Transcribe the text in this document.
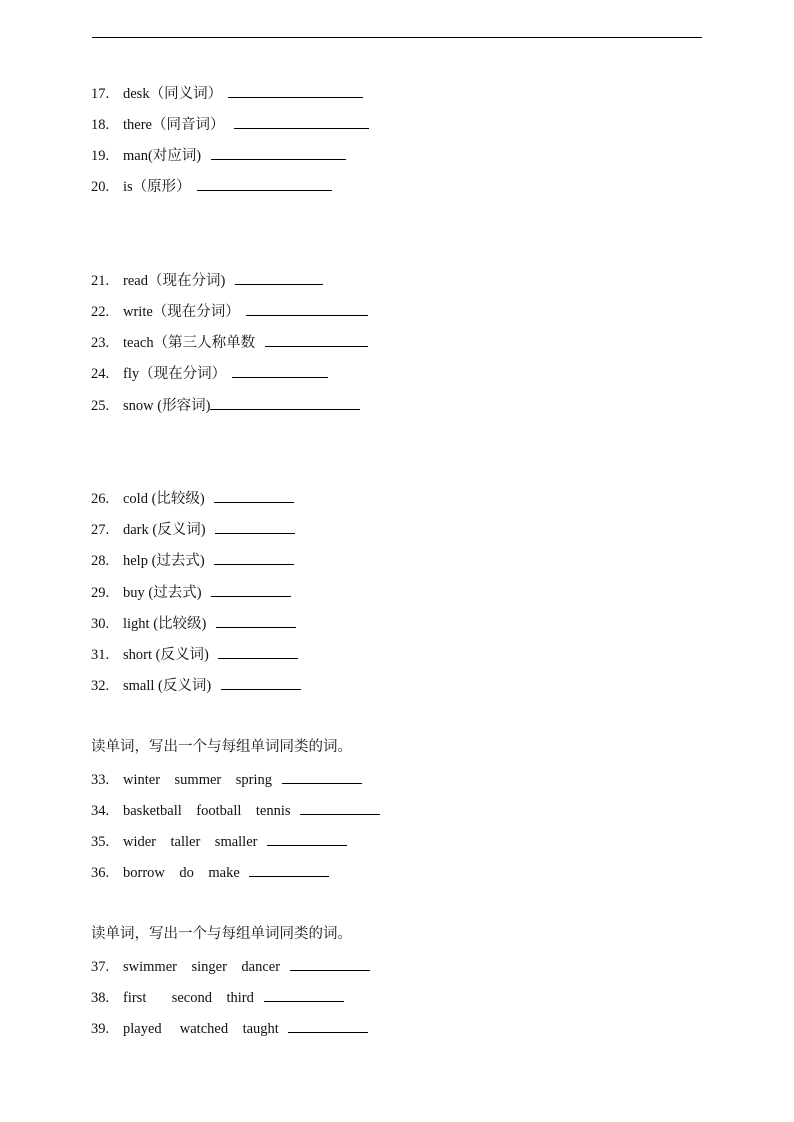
17. desk（同义词）
18. there（同音词）
19. man(对应词)
20. is（原形）
21. read（现在分词)
22. write（现在分词）
23. teach（第三人称单数
24. fly（现在分词）
25. snow (形容词)
26. cold (比较级)
27. dark (反义词)
28. help (过去式)
29. buy (过去式)
30. light (比较级)
31. short (反义词)
32. small (反义词)
读单词，写出一个与每组单词同类的词。
33. winter    summer    spring
34. basketball    football    tennis
35. wider    taller    smaller
36. borrow    do    make
读单词，写出一个与每组单词同类的词。
37. swimmer    singer    dancer
38. first       second    third
39. played     watched    taught
